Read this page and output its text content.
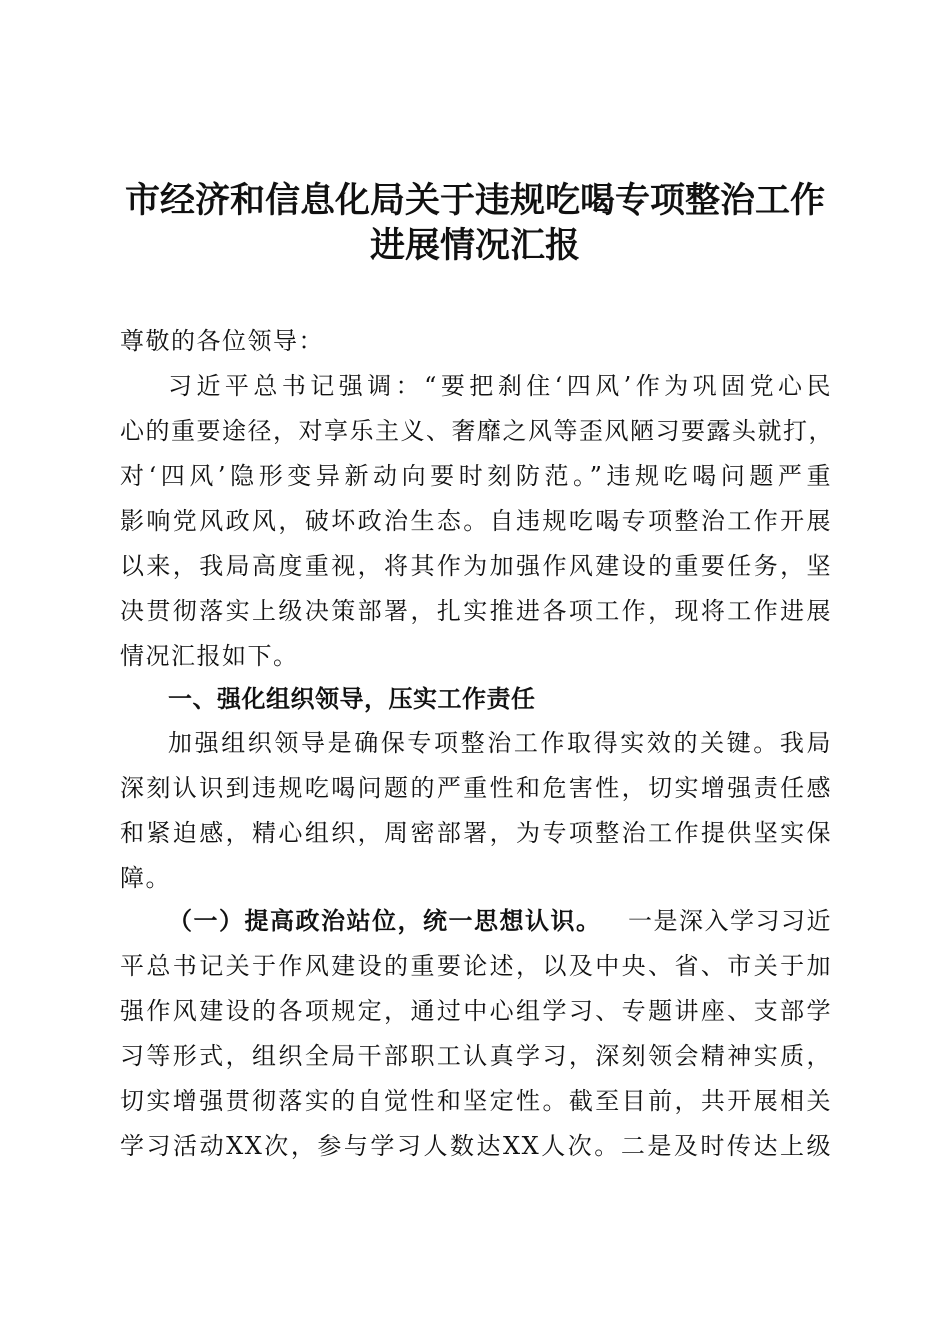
市经济和信息化局关于违规吃喝专项整治工作
进展情况汇报
尊敬的各位领导：
习近平总书记强调：“要把刹住‘四风’作为巩固党心民
心的重要途径，对享乐主义、奢靡之风等歪风陋习要露头就打，
对‘四风’隐形变异新动向要时刻防范。”违规吃喝问题严重
影响党风政风，破坏政治生态。自违规吃喝专项整治工作开展
以来，我局高度重视，将其作为加强作风建设的重要任务，坚
决贯彻落实上级决策部署，扎实推进各项工作，现将工作进展
情况汇报如下。
一、强化组织领导，压实工作责任
加强组织领导是确保专项整治工作取得实效的关键。我局
深刻认识到违规吃喝问题的严重性和危害性，切实增强责任感
和紧迫感，精心组织，周密部署，为专项整治工作提供坚实保
障。
（一）提高政治站位，统一思想认识。 一是深入学习习近
平总书记关于作风建设的重要论述，以及中央、省、市关于加
强作风建设的各项规定，通过中心组学习、专题讲座、支部学
习等形式，组织全局干部职工认真学习，深刻领会精神实质，
切实增强贯彻落实的自觉性和坚定性。截至目前，共开展相关
学习活动XX次，参与学习人数达XX人次。二是及时传达上级
